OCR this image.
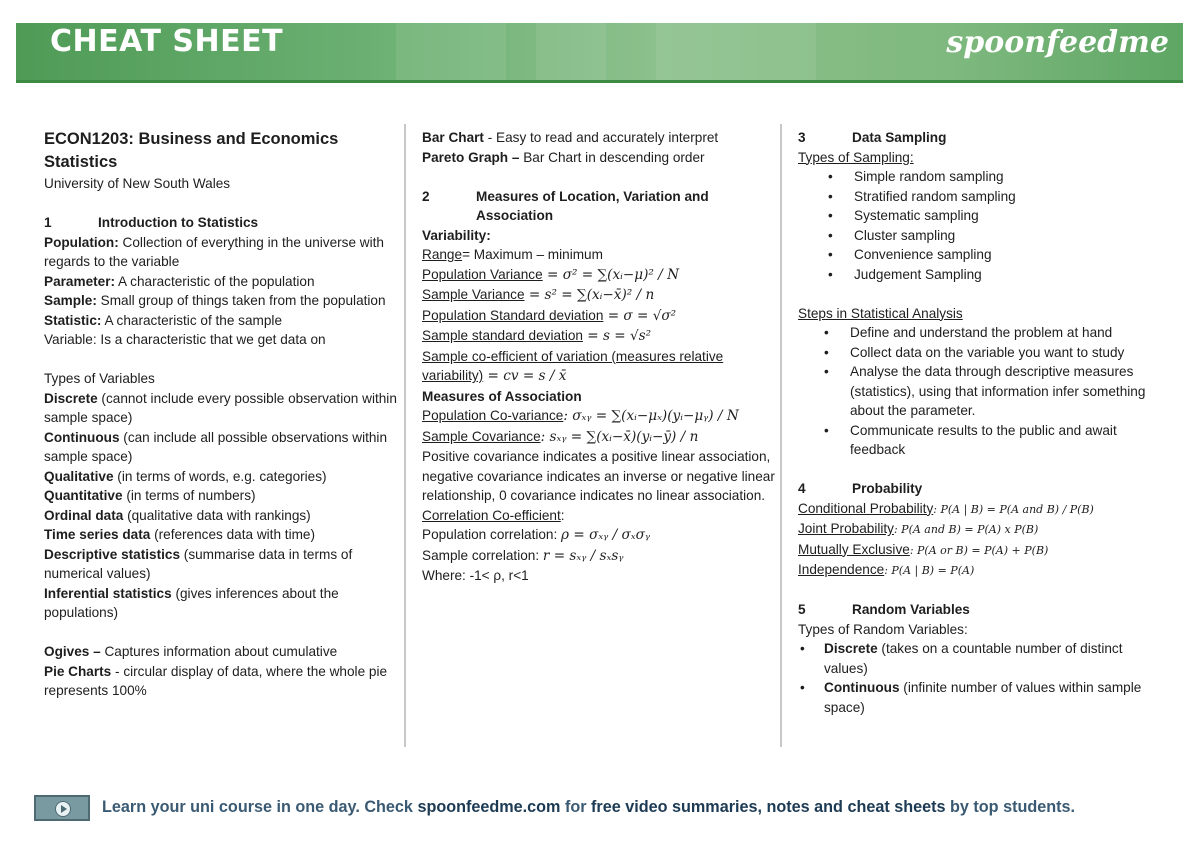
CHEAT SHEET	spoonfeedme

ECON1203: Business and Economics Statistics

University of New South Wales

1	Introduction to Statistics

Population: Collection of everything in the universe with regards to the variable

Parameter: A characteristic of the population

Sample: Small group of things taken from the population

Statistic: A characteristic of the sample

Variable: Is a characteristic that we get data on

Types of Variables

Discrete (cannot include every possible observation within sample space)

Continuous (can include all possible observations within sample space)

Qualitative (in terms of words, e.g. categories)

Quantitative (in terms of numbers)

Ordinal data (qualitative data with rankings)

Time series data (references data with time)

Descriptive statistics (summarise data in terms of numerical values)

Inferential statistics (gives inferences about the populations)

Ogives – Captures information about cumulative

Pie Charts - circular display of data, where the whole pie represents 100%

Bar Chart - Easy to read and accurately interpret

Pareto Graph – Bar Chart in descending order

2	Measures of Location, Variation and Association

Variability:

Range= Maximum – minimum

Population Variance = σ² = ∑(xᵢ−μ)² / N

Sample Variance = s² = ∑(xᵢ−x̄)² / n

Population Standard deviation = σ = √σ²

Sample standard deviation = s = √s²

Sample co-efficient of variation (measures relative variability) = cv = s / x̄

Measures of Association

Population Co-variance: σₓᵧ = ∑(xᵢ−μₓ)(yᵢ−μᵧ) / N

Sample Covariance: sₓᵧ = ∑(xᵢ−x̄)(yᵢ−ȳ) / n

Positive covariance indicates a positive linear association, negative covariance indicates an inverse or negative linear relationship, 0 covariance indicates no linear association.

Correlation Co-efficient:

Population correlation: ρ = σₓᵧ / σₓσᵧ

Sample correlation: r = sₓᵧ / sₓsᵧ

Where: -1< ρ, r<1

3	Data Sampling

Types of Sampling:

• Simple random sampling
• Stratified random sampling
• Systematic sampling
• Cluster sampling
• Convenience sampling
• Judgement Sampling

Steps in Statistical Analysis

• Define and understand the problem at hand
• Collect data on the variable you want to study
• Analyse the data through descriptive measures (statistics), using that information infer something about the parameter.
• Communicate results to the public and await feedback

4	Probability

Conditional Probability: P(A | B) = P(A and B) / P(B)

Joint Probability: P(A and B) = P(A) x P(B)

Mutually Exclusive: P(A or B) = P(A) + P(B)

Independence: P(A | B) = P(A)

5	Random Variables

Types of Random Variables:

• Discrete (takes on a countable number of distinct values)
• Continuous (infinite number of values within sample space)
Learn your uni course in one day. Check spoonfeedme.com for free video summaries, notes and cheat sheets by top students.
